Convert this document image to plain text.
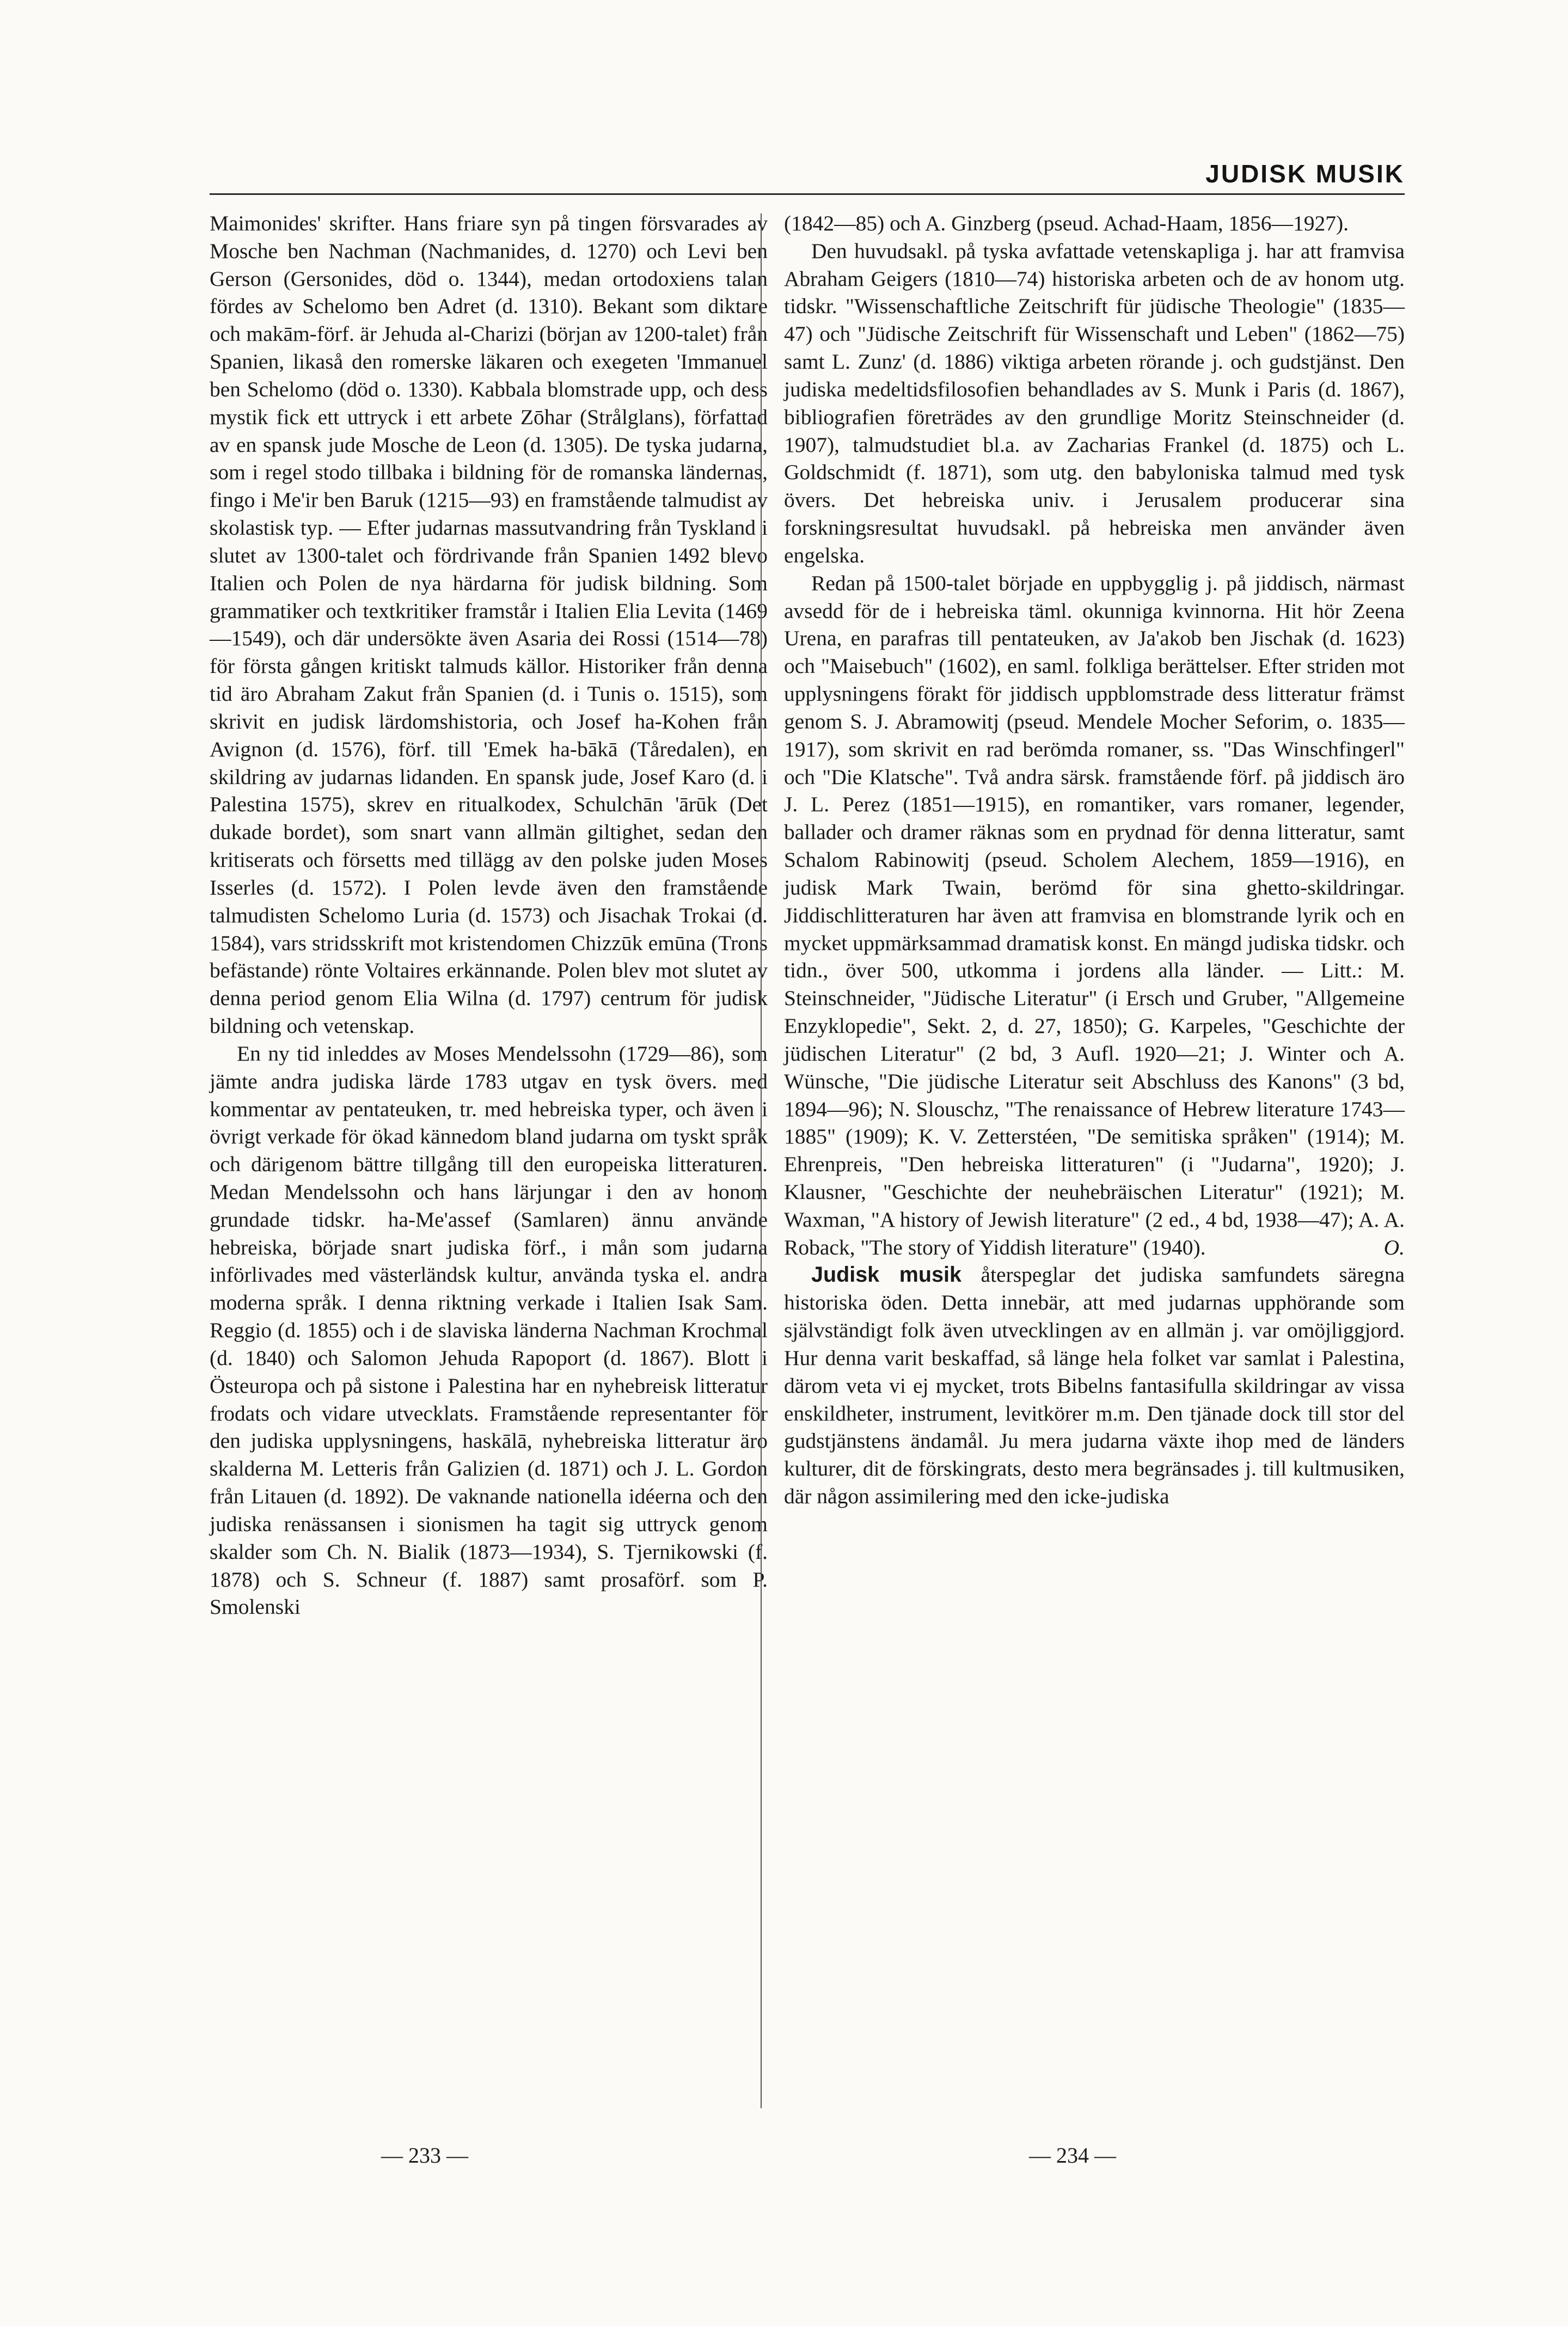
JUDISK MUSIK

Maimonides' skrifter. Hans friare syn på tingen försvarades av Mosche ben Nachman (Nachmanides, d. 1270) och Levi ben Gerson (Gersonides, död o. 1344), medan ortodoxiens talan fördes av Schelomo ben Adret (d. 1310). Bekant som diktare och makām-förf. är Jehuda al-Charizi (början av 1200-talet) från Spanien, likaså den romerske läkaren och exegeten 'Immanuel ben Schelomo (död o. 1330). Kabbala blomstrade upp, och dess mystik fick ett uttryck i ett arbete Zōhar (Strålglans), författad av en spansk jude Mosche de Leon (d. 1305). De tyska judarna, som i regel stodo tillbaka i bildning för de romanska ländernas, fingo i Me'ir ben Baruk (1215—93) en framstående talmudist av skolastisk typ. — Efter judarnas massutvandring från Tyskland i slutet av 1300-talet och fördrivande från Spanien 1492 blevo Italien och Polen de nya härdarna för judisk bildning. Som grammatiker och textkritiker framstår i Italien Elia Levita (1469—1549), och där undersökte även Asaria dei Rossi (1514—78) för första gången kritiskt talmuds källor. Historiker från denna tid äro Abraham Zakut från Spanien (d. i Tunis o. 1515), som skrivit en judisk lärdomshistoria, och Josef ha-Kohen från Avignon (d. 1576), förf. till 'Emek ha-bākā (Tåredalen), en skildring av judarnas lidanden. En spansk jude, Josef Karo (d. i Palestina 1575), skrev en ritualkodex, Schulchān 'ārūk (Det dukade bordet), som snart vann allmän giltighet, sedan den kritiserats och försetts med tillägg av den polske juden Moses Isserles (d. 1572). I Polen levde även den framstående talmudisten Schelomo Luria (d. 1573) och Jisachak Trokai (d. 1584), vars stridsskrift mot kristendomen Chizzūk emūna (Trons befästande) rönte Voltaires erkännande. Polen blev mot slutet av denna period genom Elia Wilna (d. 1797) centrum för judisk bildning och vetenskap.

En ny tid inleddes av Moses Mendelssohn (1729—86), som jämte andra judiska lärde 1783 utgav en tysk övers. med kommentar av pentateuken, tr. med hebreiska typer, och även i övrigt verkade för ökad kännedom bland judarna om tyskt språk och därigenom bättre tillgång till den europeiska litteraturen. Medan Mendelssohn och hans lärjungar i den av honom grundade tidskr. ha-Me'assef (Samlaren) ännu använde hebreiska, började snart judiska förf., i mån som judarna införlivades med västerländsk kultur, använda tyska el. andra moderna språk. I denna riktning verkade i Italien Isak Sam. Reggio (d. 1855) och i de slaviska länderna Nachman Krochmal (d. 1840) och Salomon Jehuda Rapoport (d. 1867). Blott i Östeuropa och på sistone i Palestina har en nyhebreisk litteratur frodats och vidare utvecklats. Framstående representanter för den judiska upplysningens, haskālā, nyhebreiska litteratur äro skalderna M. Letteris från Galizien (d. 1871) och J. L. Gordon från Litauen (d. 1892). De vaknande nationella idéerna och den judiska renässansen i sionismen ha tagit sig uttryck genom skalder som Ch. N. Bialik (1873—1934), S. Tjernikowski (f. 1878) och S. Schneur (f. 1887) samt prosaförf. som P. Smolenski

(1842—85) och A. Ginzberg (pseud. Achad-Haam, 1856—1927).

Den huvudsakl. på tyska avfattade vetenskapliga j. har att framvisa Abraham Geigers (1810—74) historiska arbeten och de av honom utg. tidskr. "Wissenschaftliche Zeitschrift für jüdische Theologie" (1835—47) och "Jüdische Zeitschrift für Wissenschaft und Leben" (1862—75) samt L. Zunz' (d. 1886) viktiga arbeten rörande j. och gudstjänst. Den judiska medeltidsfilosofien behandlades av S. Munk i Paris (d. 1867), bibliografien företrädes av den grundlige Moritz Steinschneider (d. 1907), talmudstudiet bl.a. av Zacharias Frankel (d. 1875) och L. Goldschmidt (f. 1871), som utg. den babyloniska talmud med tysk övers. Det hebreiska univ. i Jerusalem producerar sina forskningsresultat huvudsakl. på hebreiska men använder även engelska.

Redan på 1500-talet började en uppbygglig j. på jiddisch, närmast avsedd för de i hebreiska täml. okunniga kvinnorna. Hit hör Zeena Urena, en parafras till pentateuken, av Ja'akob ben Jischak (d. 1623) och "Maisebuch" (1602), en saml. folkliga berättelser. Efter striden mot upplysningens förakt för jiddisch uppblomstrade dess litteratur främst genom S. J. Abramowitj (pseud. Mendele Mocher Seforim, o. 1835—1917), som skrivit en rad berömda romaner, ss. "Das Winschfingerl" och "Die Klatsche". Två andra särsk. framstående förf. på jiddisch äro J. L. Perez (1851—1915), en romantiker, vars romaner, legender, ballader och dramer räknas som en prydnad för denna litteratur, samt Schalom Rabinowitj (pseud. Scholem Alechem, 1859—1916), en judisk Mark Twain, berömd för sina ghetto-skildringar. Jiddischlitteraturen har även att framvisa en blomstrande lyrik och en mycket uppmärksammad dramatisk konst. En mängd judiska tidskr. och tidn., över 500, utkomma i jordens alla länder. — Litt.: M. Steinschneider, "Jüdische Literatur" (i Ersch und Gruber, "Allgemeine Enzyklopedie", Sekt. 2, d. 27, 1850); G. Karpeles, "Geschichte der jüdischen Literatur" (2 bd, 3 Aufl. 1920—21; J. Winter och A. Wünsche, "Die jüdische Literatur seit Abschluss des Kanons" (3 bd, 1894—96); N. Slouschz, "The renaissance of Hebrew literature 1743—1885" (1909); K. V. Zetterstéen, "De semitiska språken" (1914); M. Ehrenpreis, "Den hebreiska litteraturen" (i "Judarna", 1920); J. Klausner, "Geschichte der neuhebräischen Literatur" (1921); M. Waxman, "A history of Jewish literature" (2 ed., 4 bd, 1938—47); A. A. Roback, "The story of Yiddish literature" (1940).	O.

Judisk musik återspeglar det judiska samfundets säregna historiska öden. Detta innebär, att med judarnas upphörande som självständigt folk även utvecklingen av en allmän j. var omöjliggjord. Hur denna varit beskaffad, så länge hela folket var samlat i Palestina, därom veta vi ej mycket, trots Bibelns fantasifulla skildringar av vissa enskildheter, instrument, levitkörer m.m. Den tjänade dock till stor del gudstjänstens ändamål. Ju mera judarna växte ihop med de länders kulturer, dit de förskingrats, desto mera begränsades j. till kultmusiken, där någon assimilering med den icke-judiska

— 233 —	— 234 —
